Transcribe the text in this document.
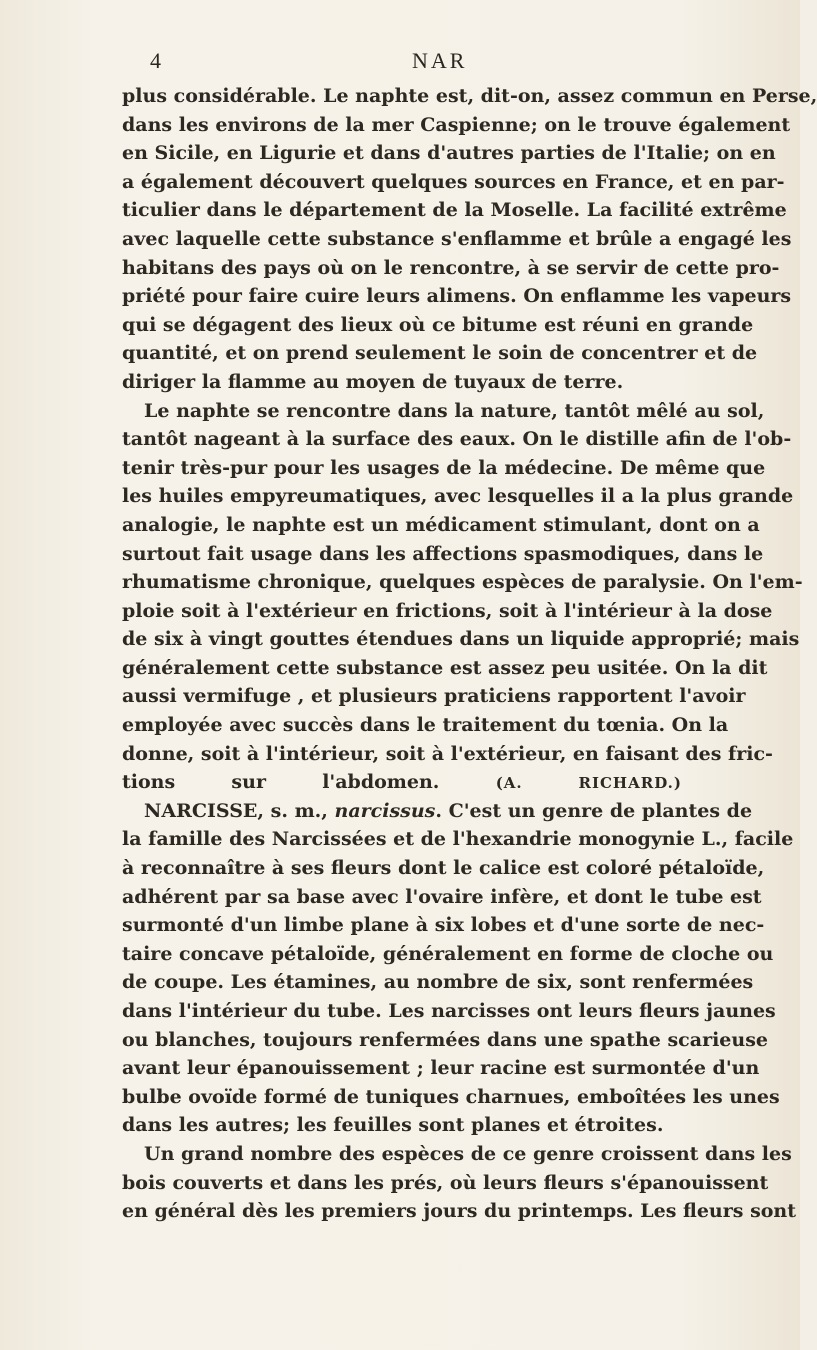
4	NAR
plus considérable. Le naphte est, dit-on, assez commun en Perse,
dans les environs de la mer Caspienne; on le trouve également
en Sicile, en Ligurie et dans d'autres parties de l'Italie; on en
a également découvert quelques sources en France, et en par-
ticulier dans le département de la Moselle. La facilité extrême
avec laquelle cette substance s'enflamme et brûle a engagé les
habitans des pays où on le rencontre, à se servir de cette pro-
priété pour faire cuire leurs alimens. On enflamme les vapeurs
qui se dégagent des lieux où ce bitume est réuni en grande
quantité, et on prend seulement le soin de concentrer et de
diriger la flamme au moyen de tuyaux de terre.
Le naphte se rencontre dans la nature, tantôt mêlé au sol,
tantôt nageant à la surface des eaux. On le distille afin de l'ob-
tenir très-pur pour les usages de la médecine. De même que
les huiles empyreumatiques, avec lesquelles il a la plus grande
analogie, le naphte est un médicament stimulant, dont on a
surtout fait usage dans les affections spasmodiques, dans le
rhumatisme chronique, quelques espèces de paralysie. On l'em-
ploie soit à l'extérieur en frictions, soit à l'intérieur à la dose
de six à vingt gouttes étendues dans un liquide approprié; mais
généralement cette substance est assez peu usitée. On la dit
aussi vermifuge , et plusieurs praticiens rapportent l'avoir
employée avec succès dans le traitement du tœnia. On la
donne, soit à l'intérieur, soit à l'extérieur, en faisant des fric-
tions sur l'abdomen.	(A. RICHARD.)
NARCISSE, s. m., narcissus. C'est un genre de plantes de
la famille des Narcissées et de l'hexandrie monogynie L., facile
à reconnaître à ses fleurs dont le calice est coloré pétaloïde,
adhérent par sa base avec l'ovaire infère, et dont le tube est
surmonté d'un limbe plane à six lobes et d'une sorte de nec-
taire concave pétaloïde, généralement en forme de cloche ou
de coupe. Les étamines, au nombre de six, sont renfermées
dans l'intérieur du tube. Les narcisses ont leurs fleurs jaunes
ou blanches, toujours renfermées dans une spathe scarieuse
avant leur épanouissement ; leur racine est surmontée d'un
bulbe ovoïde formé de tuniques charnues, emboîtées les unes
dans les autres; les feuilles sont planes et étroites.
Un grand nombre des espèces de ce genre croissent dans les
bois couverts et dans les prés, où leurs fleurs s'épanouissent
en général dès les premiers jours du printemps. Les fleurs sont
